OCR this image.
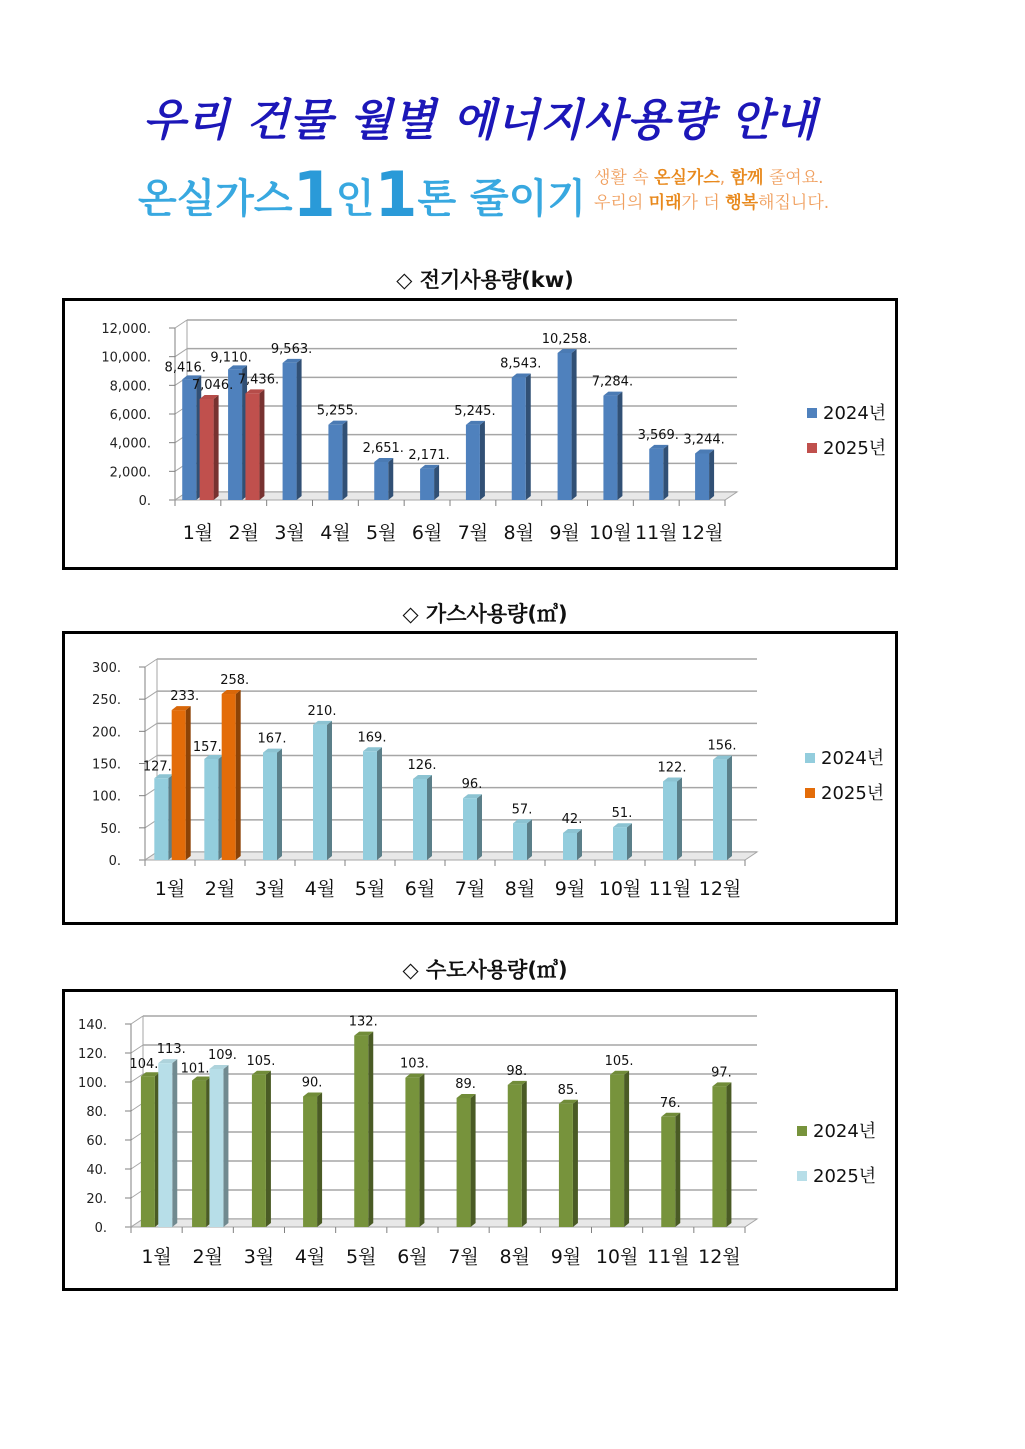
우리 건물 월별 에너지사용량 안내
온실가스1인1톤 줄이기 생활 속 온실가스, 함께 줄여요.
우리의 미래가 더 행복해집니다.
◇ 전기사용량(kw)
0.
2,000.
4,000.
6,000.
8,000.
10,000.
12,000.
1월 2월 3월 4월 5월 6월 7월 8월 9월 10월 11월 12월
8,416.
9,110.
9,563.
5,255.
2,651. 2,171.
5,245.
8,543.
10,258.
7,284.
3,569. 3,244.
7,046. 7,436.
2024년
2025년
◇ 가스사용량(㎥)
0.
50.
100.
150.
200.
250.
300.
1월 2월 3월 4월 5월 6월 7월 8월 9월 10월 11월 12월
127.
157.
167.
210.
169.
126.
96.
57.
42. 51.
122.
156.
233.
258.
2024년
2025년
◇ 수도사용량(㎥)
0.
20.
40.
60.
80.
100.
120.
140.
1월 2월 3월 4월 5월 6월 7월 8월 9월 10월 11월 12월
104. 101.
105.
90.
132.
103.
89.
98.
85.
105.
76.
97.
113. 109.
2024년
2025년
